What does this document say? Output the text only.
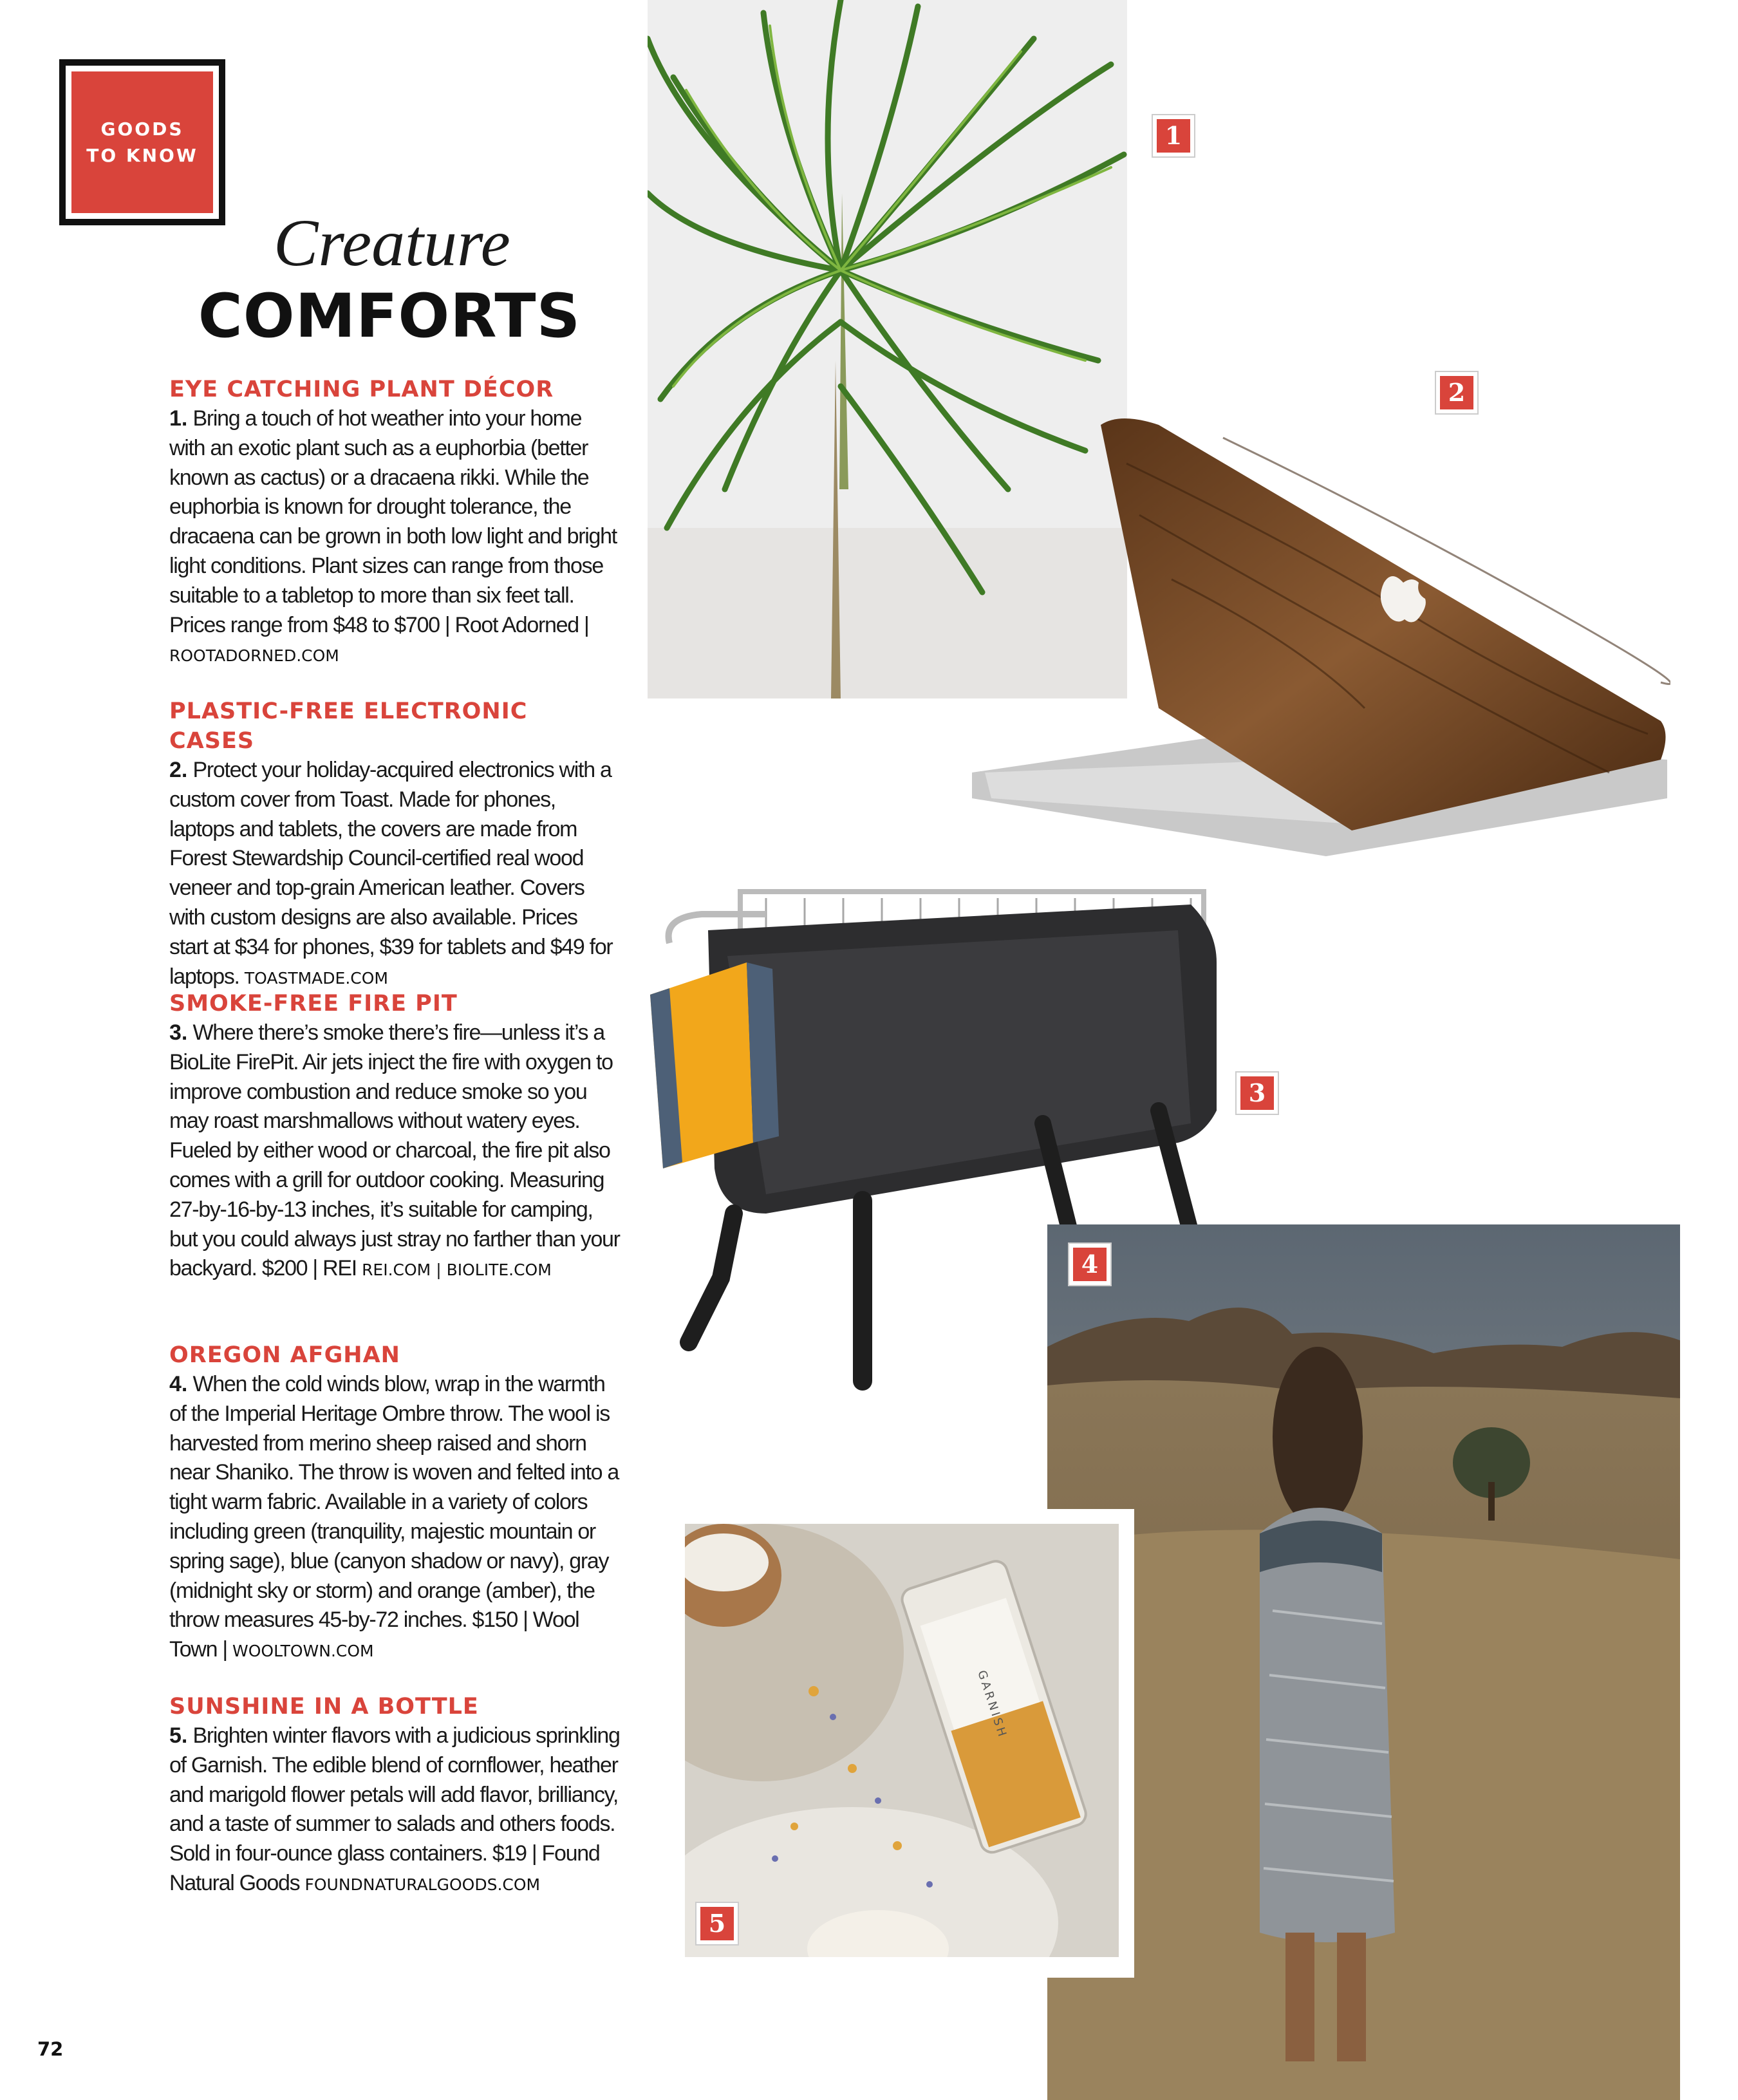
GOODS
TO KNOW
Creature
COMFORTS
EYE CATCHING PLANT DÉCOR

1. Bring a touch of hot weather into your home with an exotic plant such as a euphorbia (better known as cactus) or a dracaena rikki. While the euphorbia is known for drought tolerance, the dracaena can be grown in both low light and bright light conditions. Plant sizes can range from those suitable to a tabletop to more than six feet tall. Prices range from $48 to $700 | Root Adorned | ROOTADORNED.COM

PLASTIC-FREE ELECTRONIC CASES

2. Protect your holiday-acquired electronics with a custom cover from Toast. Made for phones, laptops and tablets, the covers are made from Forest Stewardship Council-certified real wood veneer and top-grain American leather. Covers with custom designs are also available. Prices start at $34 for phones, $39 for tablets and $49 for laptops. TOASTMADE.COM

SMOKE-FREE FIRE PIT

3. Where there’s smoke there’s fire—unless it’s a BioLite FirePit. Air jets inject the fire with oxygen to improve combustion and reduce smoke so you may roast marshmallows without watery eyes. Fueled by either wood or charcoal, the fire pit also comes with a grill for outdoor cooking. Measuring 27-by-16-by-13 inches, it’s suitable for camping, but you could always just stray no farther than your backyard. $200 | REI REI.COM | BIOLITE.COM

OREGON AFGHAN

4. When the cold winds blow, wrap in the warmth of the Imperial Heritage Ombre throw. The wool is harvested from merino sheep raised and shorn near Shaniko. The throw is woven and felted into a tight warm fabric. Available in a variety of colors including green (tranquility, majestic mountain or spring sage), blue (canyon shadow or navy), gray (midnight sky or storm) and orange (amber), the throw measures 45-by-72 inches. $150 | Wool Town | WOOLTOWN.COM

SUNSHINE IN A BOTTLE

5. Brighten winter flavors with a judicious sprinkling of Garnish. The edible blend of cornflower, heather and marigold flower petals will add flavor, brilliancy, and a taste of summer to salads and others foods. Sold in four-ounce glass containers. $19 | Found Natural Goods FOUNDNATURALGOODS.COM

72
1
2
3
4
GARNISH
5
